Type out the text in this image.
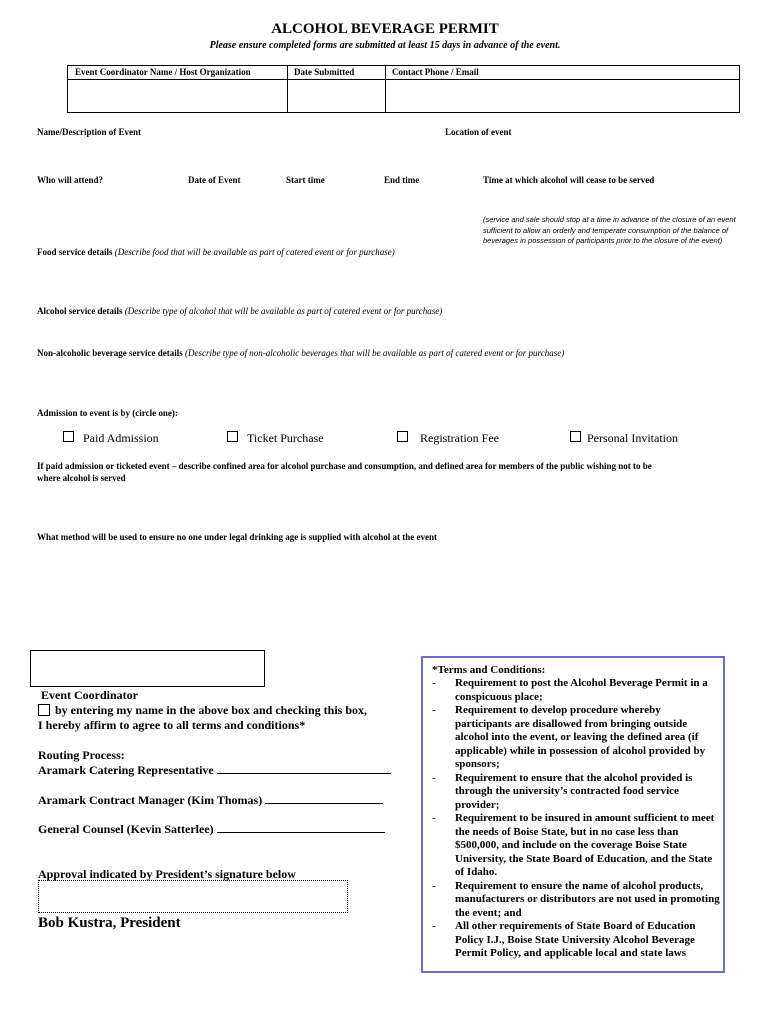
ALCOHOL BEVERAGE PERMIT
Please ensure completed forms are submitted at least 15 days in advance of the event.
Event Coordinator Name / Host Organization	Date Submitted	Contact Phone / Email
Name/Description of Event	Location of event
Who will attend?	Date of Event	Start time	End time	Time at which alcohol will cease to be served
(service and sale should stop at a time in advance of the closure of an event
sufficient to allow an orderly and temperate consumption of the balance of
beverages in possession of participants prior to the closure of the event)
Food service details (Describe food that will be available as part of catered event or for purchase)
Alcohol service details (Describe type of alcohol that will be available as part of catered event or for purchase)
Non-alcoholic beverage service details (Describe type of non-alcoholic beverages that will be available as part of catered event or for purchase)
Admission to event is by (circle one):
Paid Admission	Ticket Purchase	Registration Fee	Personal Invitation
If paid admission or ticketed event – describe confined area for alcohol purchase and consumption, and defined area for members of the public wishing not to be
where alcohol is served
What method will be used to ensure no one under legal drinking age is supplied with alcohol at the event
Event Coordinator
by entering my name in the above box and checking this box,
I hereby affirm to agree to all terms and conditions*
Routing Process:
Aramark Catering Representative
Aramark Contract Manager (Kim Thomas)
General Counsel (Kevin Satterlee)
Approval indicated by President’s signature below
Bob Kustra, President
*Terms and Conditions:
- Requirement to post the Alcohol Beverage Permit in a conspicuous place;
- Requirement to develop procedure whereby participants are disallowed from bringing outside alcohol into the event, or leaving the defined area (if applicable) while in possession of alcohol provided by sponsors;
- Requirement to ensure that the alcohol provided is through the university’s contracted food service provider;
- Requirement to be insured in amount sufficient to meet the needs of Boise State, but in no case less than $500,000, and include on the coverage Boise State University, the State Board of Education, and the State of Idaho.
- Requirement to ensure the name of alcohol products, manufacturers or distributors are not used in promoting the event; and
- All other requirements of State Board of Education Policy I.J., Boise State University Alcohol Beverage Permit Policy, and applicable local and state laws
